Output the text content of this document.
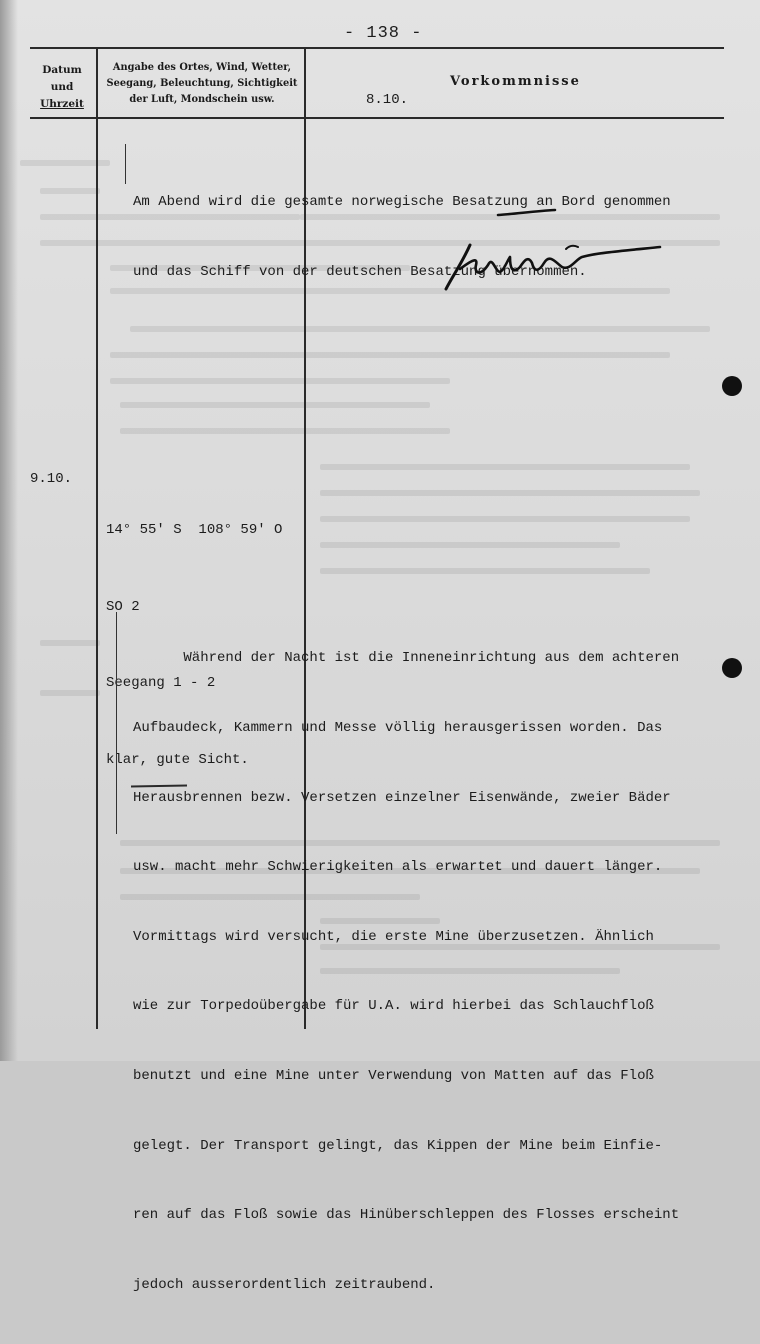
- 138 -
Datum
und
Uhrzeit
Angabe des Ortes, Wind, Wetter,
Seegang, Beleuchtung, Sichtigkeit
der Luft, Mondschein usw.
Vorkommnisse
8.10.

Am Abend wird die gesamte norwegische Besatzung an Bord genommen

und das Schiff von der deutschen Besatzung übernommen.

9.10.

14° 55' S  108° 59' O

SO 2

Seegang 1 - 2

klar, gute Sicht.

Während der Nacht ist die Inneneinrichtung aus dem achteren

Aufbaudeck, Kammern und Messe völlig herausgerissen worden. Das

Herausbrennen bezw. Versetzen einzelner Eisenwände, zweier Bäder

usw. macht mehr Schwierigkeiten als erwartet und dauert länger.

Vormittags wird versucht, die erste Mine überzusetzen. Ähnlich

wie zur Torpedoübergabe für U.A. wird hierbei das Schlauchfloß

benutzt und eine Mine unter Verwendung von Matten auf das Floß

gelegt. Der Transport gelingt, das Kippen der Mine beim Einfie-

ren auf das Floß sowie das Hinüberschleppen des Flosses erscheint

jedoch ausserordentlich zeitraubend.
